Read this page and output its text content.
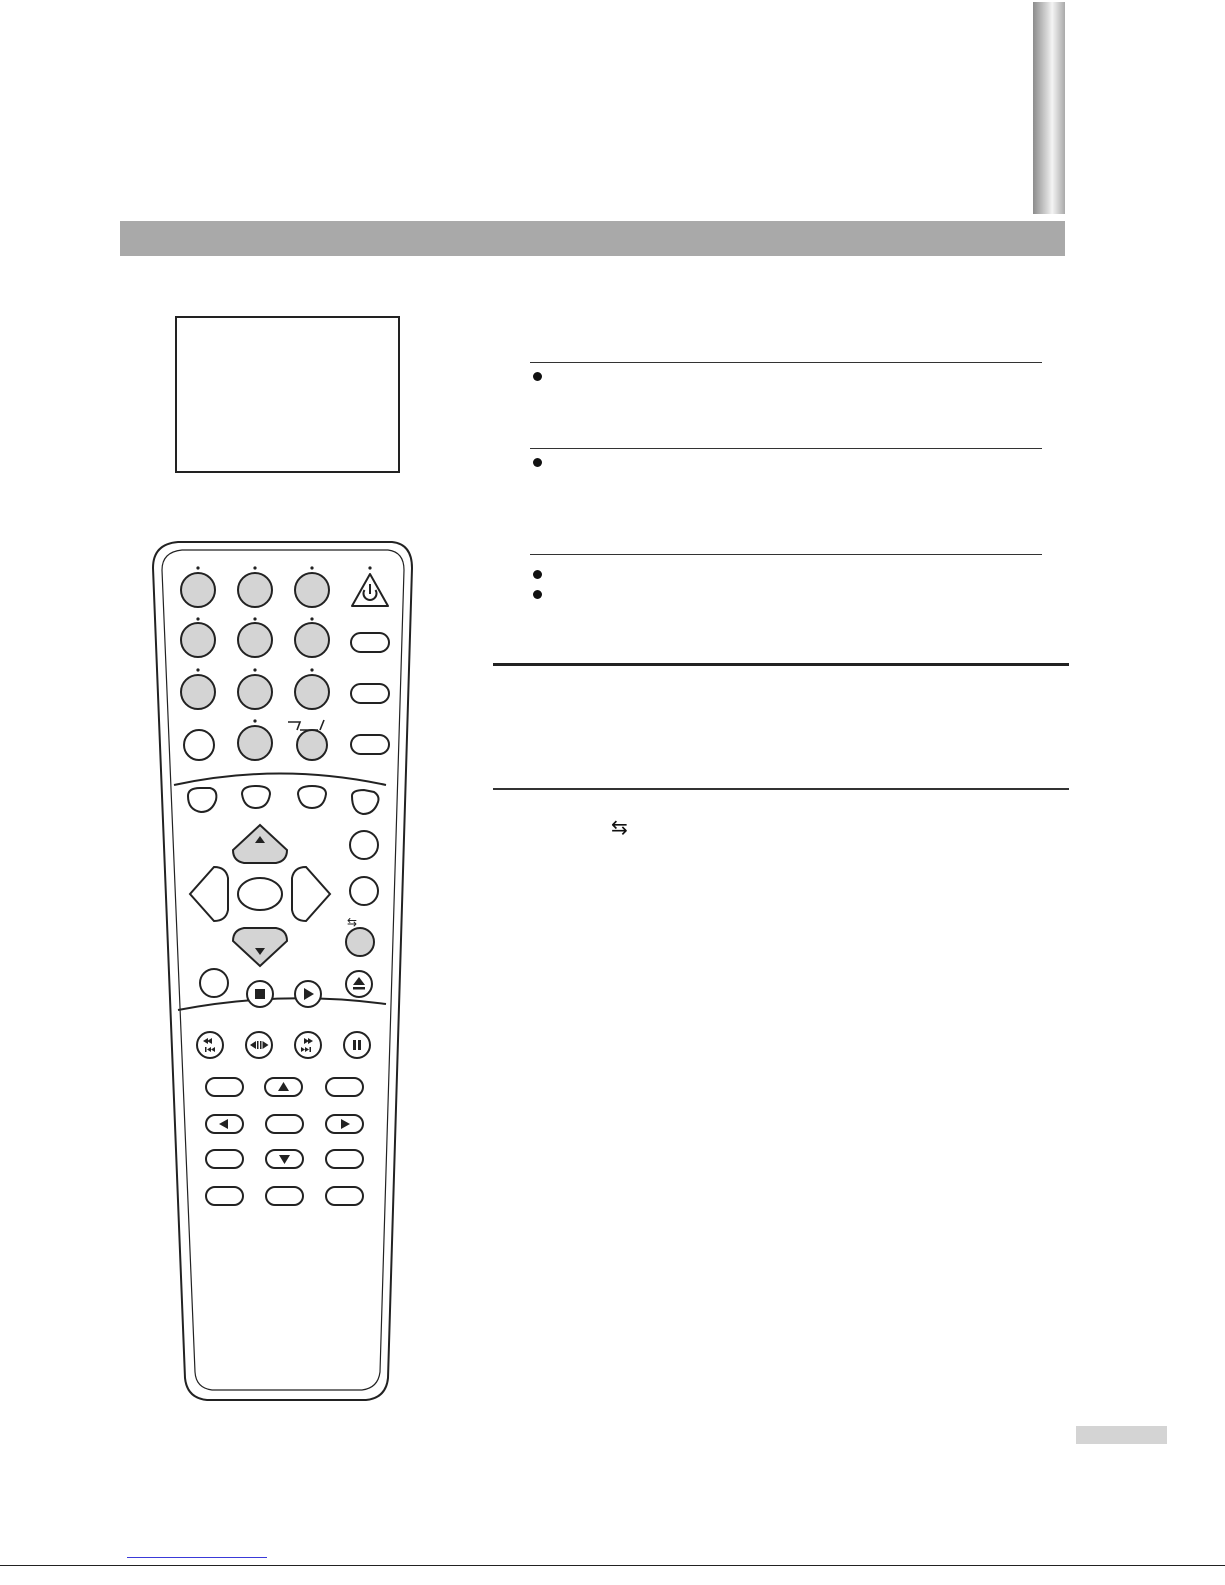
⇆
⇆
